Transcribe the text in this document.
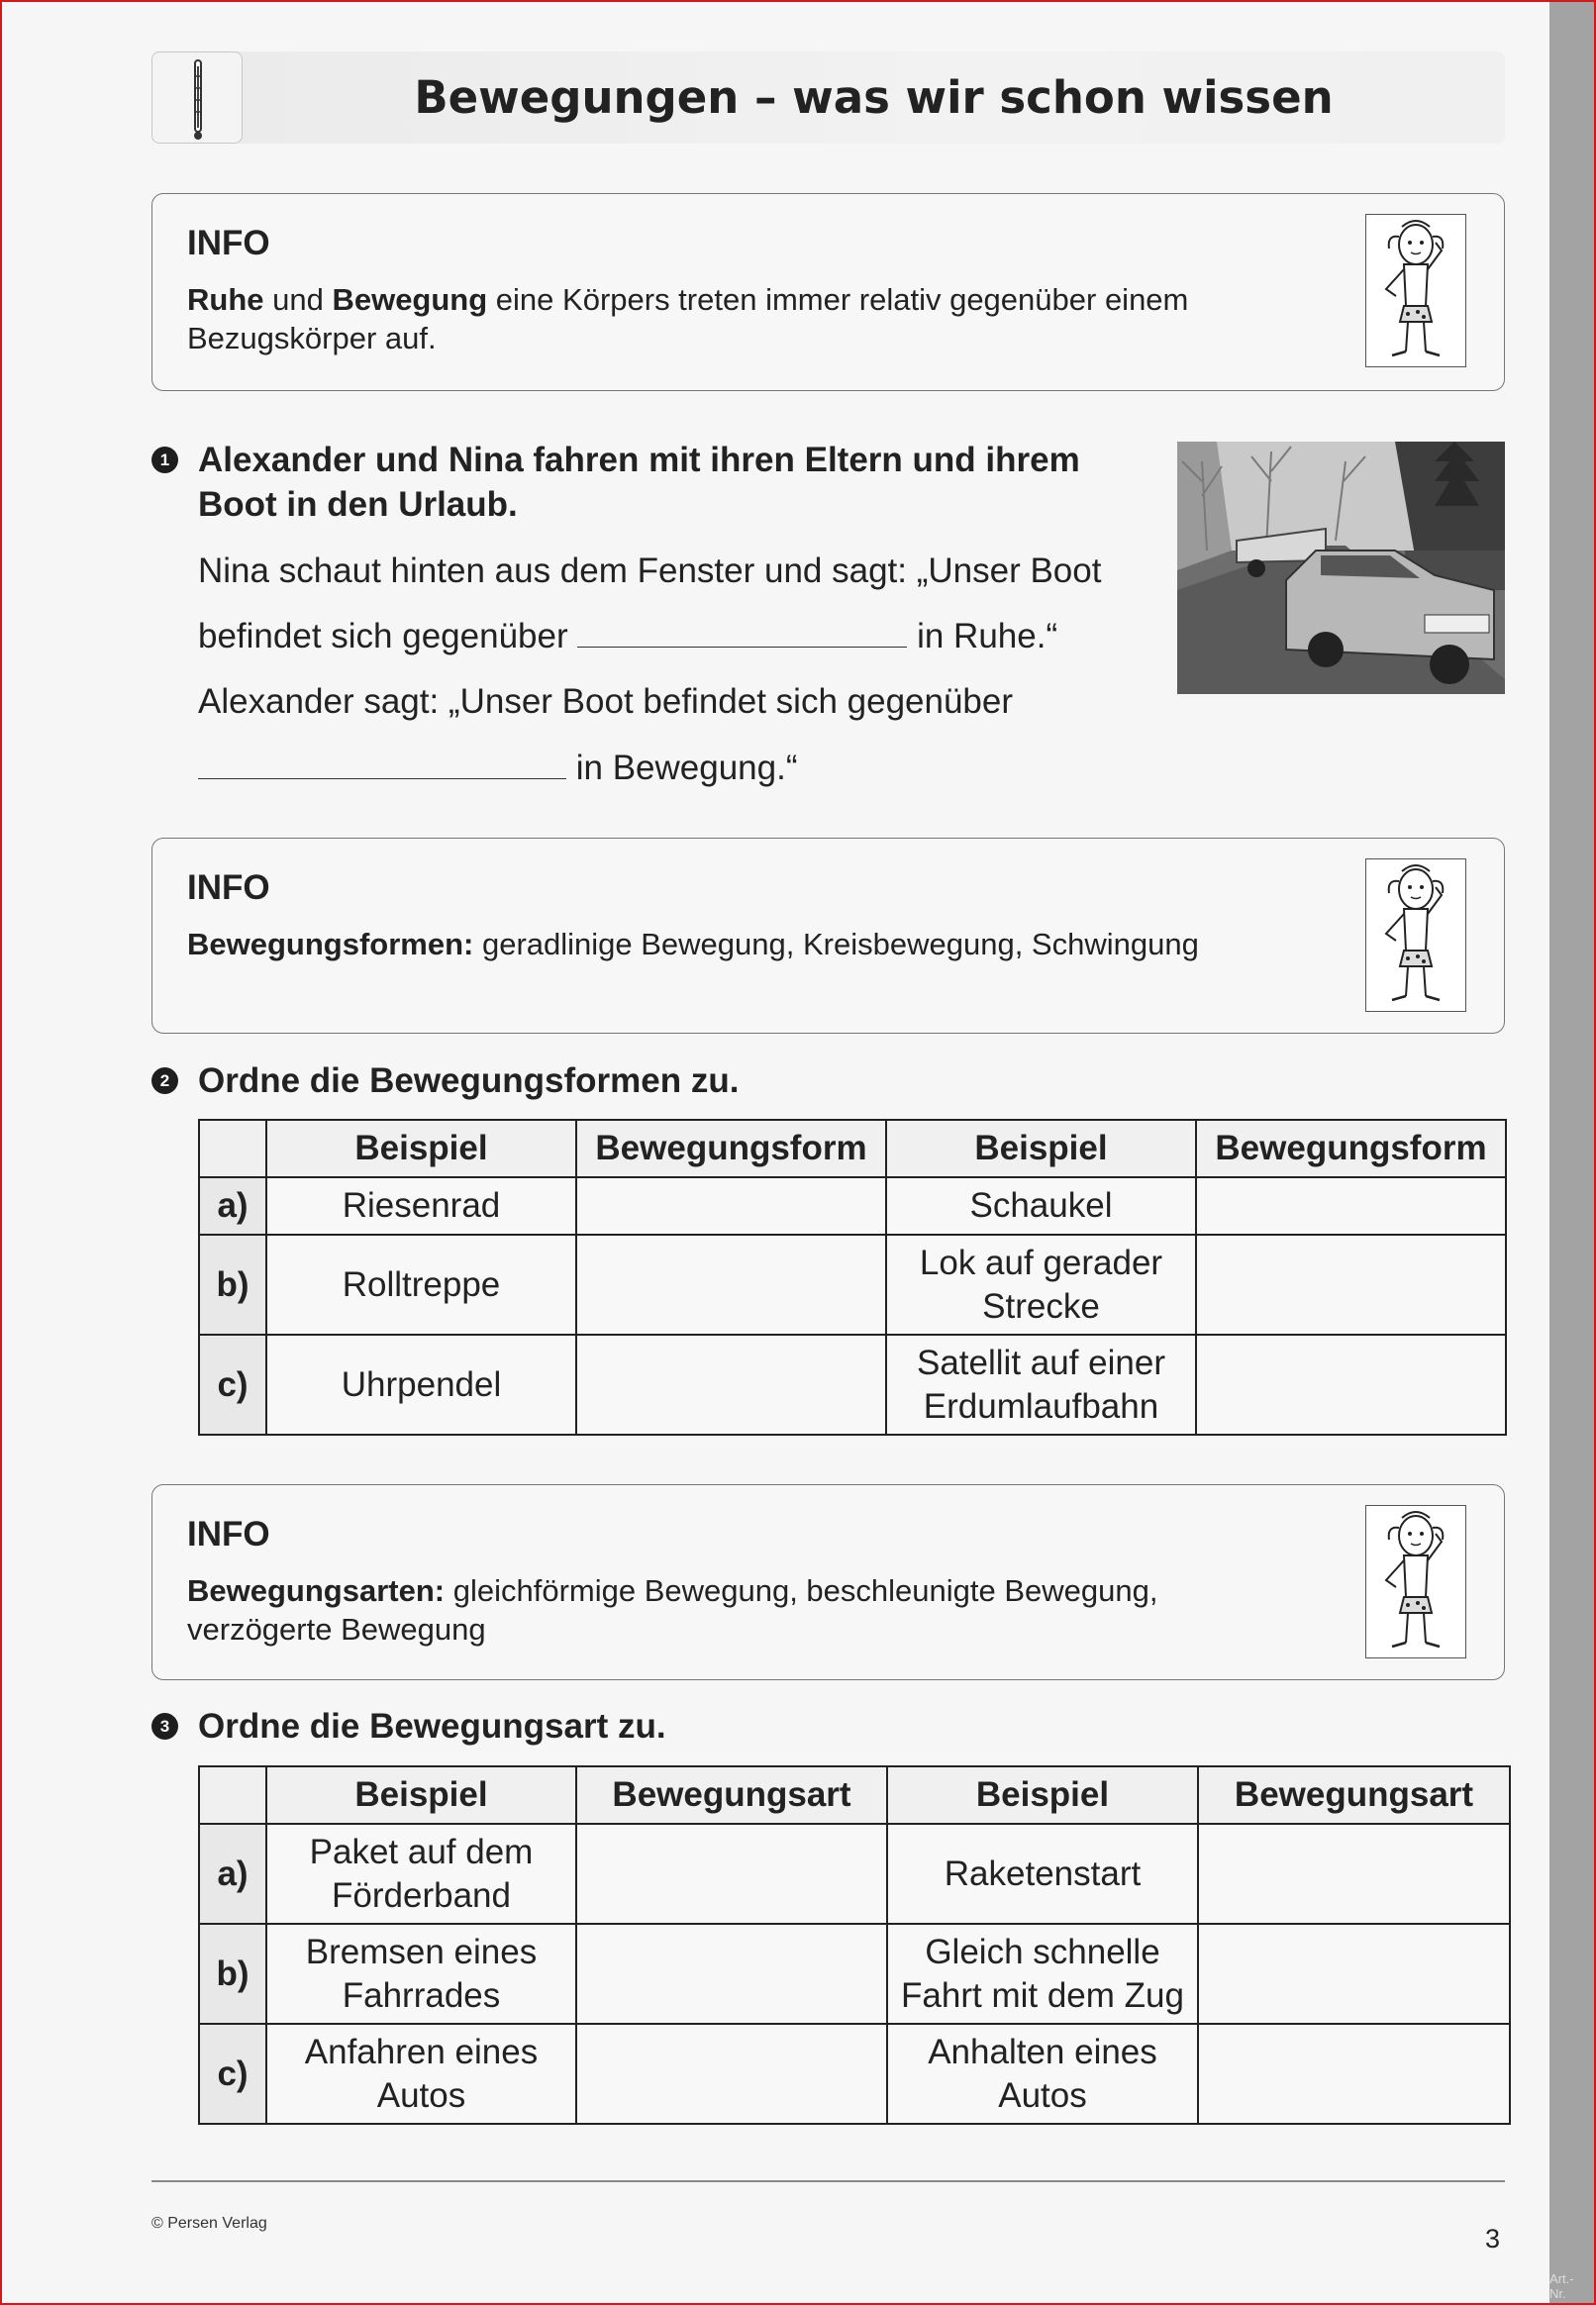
Art.-Nr.
Bewegungen – was wir schon wissen
INFO
Ruhe und Bewegung eine Körpers treten immer relativ gegenüber einem
Bezugskörper auf.
1 Alexander und Nina fahren mit ihren Eltern und ihrem
Boot in den Urlaub.
Nina schaut hinten aus dem Fenster und sagt: „Unser Boot
befindet sich gegenüber	in Ruhe.“
Alexander sagt: „Unser Boot befindet sich gegenüber
in Bewegung.“
INFO
Bewegungsformen: geradlinige Bewegung, Kreisbewegung, Schwingung
2 Ordne die Bewegungsformen zu.
	Beispiel	Bewegungsform	Beispiel	Bewegungsform
a)	Riesenrad		Schaukel	
b)	Rolltreppe		Lok auf gerader
Strecke	
c)	Uhrpendel		Satellit auf einer
Erdumlaufbahn	
INFO
Bewegungsarten: gleichförmige Bewegung, beschleunigte Bewegung,
verzögerte Bewegung
3 Ordne die Bewegungsart zu.
	Beispiel	Bewegungsart	Beispiel	Bewegungsart
a)	Paket auf dem
Förderband		Raketenstart	
b)	Bremsen eines
Fahrrades		Gleich schnelle
Fahrt mit dem Zug	
c)	Anfahren eines
Autos		Anhalten eines
Autos	
© Persen Verlag
3
